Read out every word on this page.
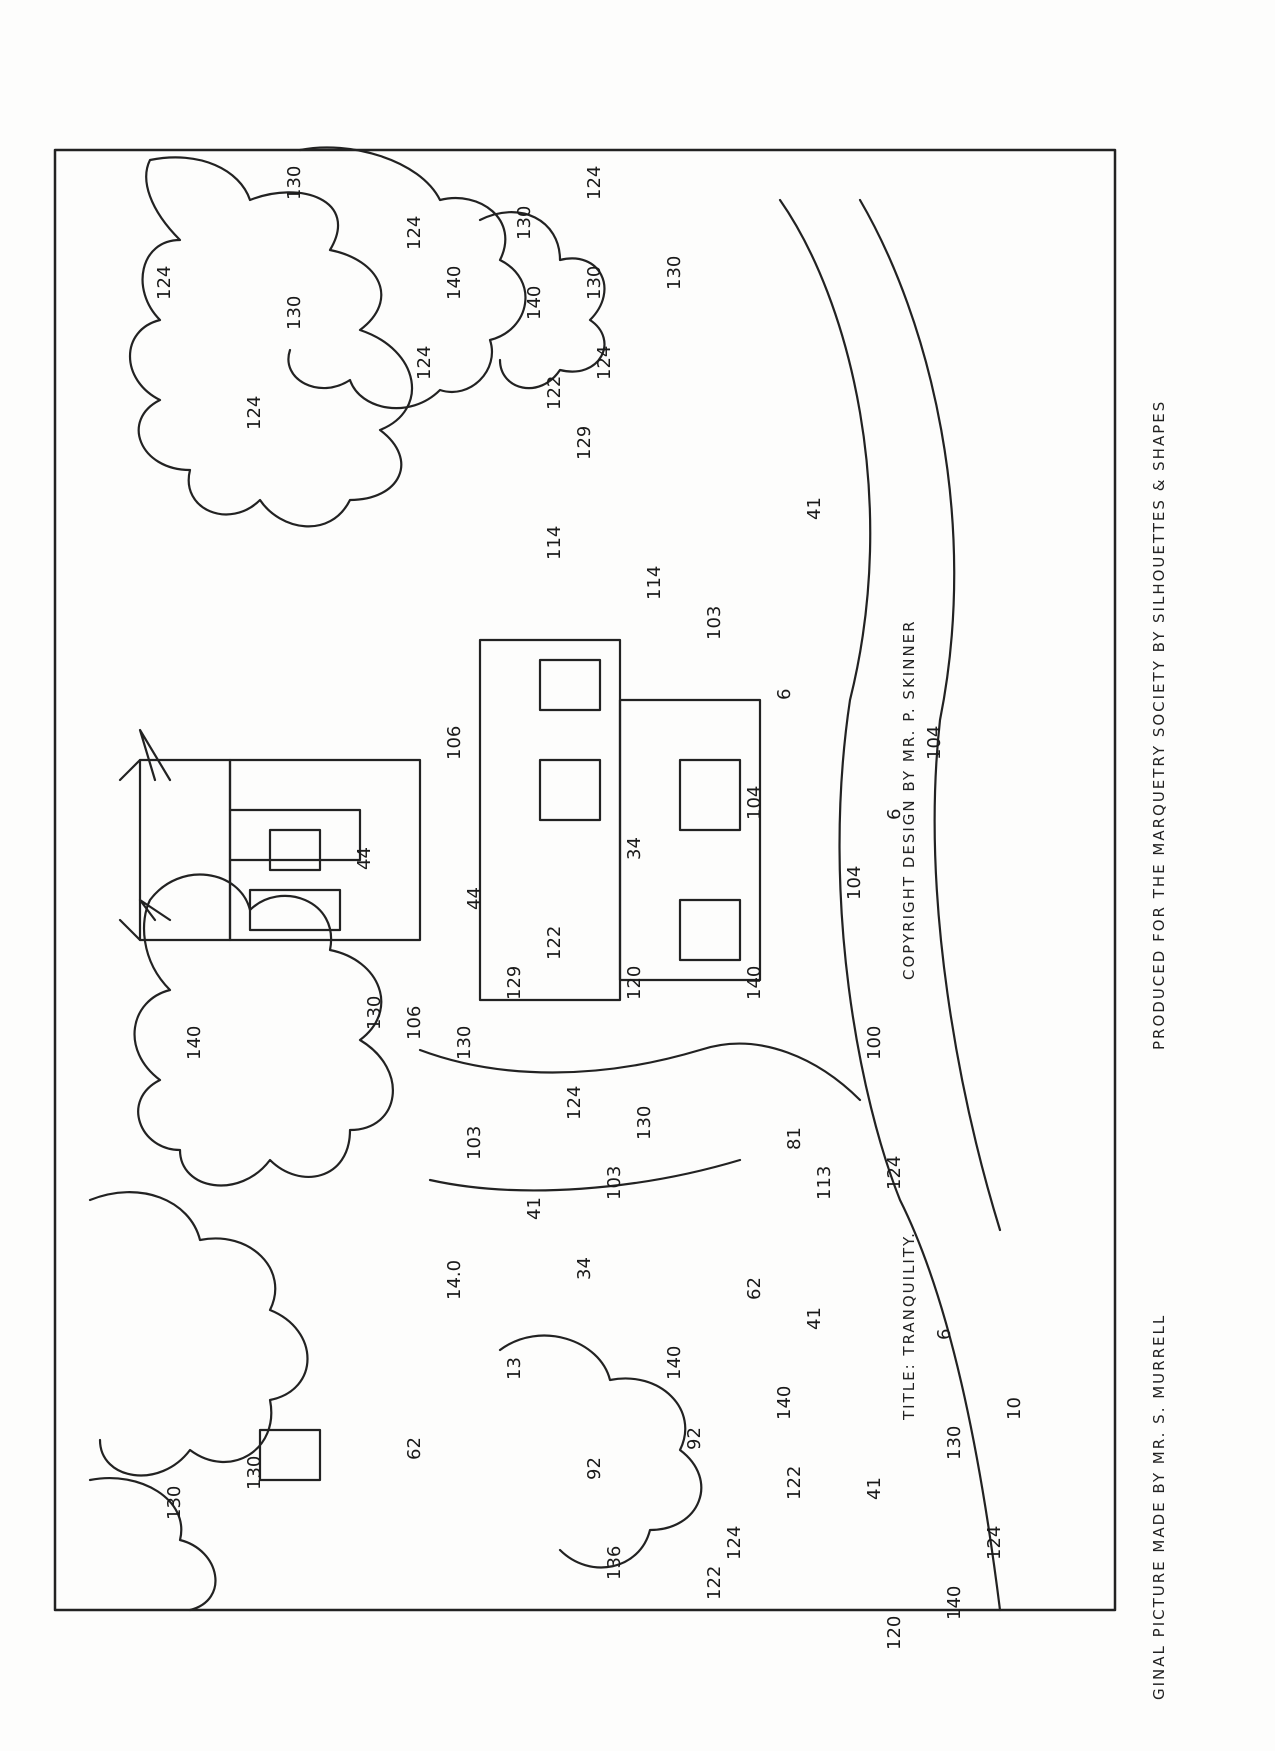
124
130
140
124
130
124	130
140
130
124
130
124
140
130
129
130
122
120	140
124
130
103
81
113
104
6
6
104
10
6
41
62
92
92
62
106
106
34
34
41
41
41
44
44
130
130
124
136
124
140
120
122
122
140
140
124
130
14.0
13
103
104
100
103
114
114
129
122
124
TITLE: TRANQUILITY.
COPYRIGHT DESIGN BY MR. P. SKINNER
GINAL PICTURE MADE BY MR. S. MURRELL
PRODUCED FOR THE MARQUETRY SOCIETY BY SILHOUETTES & SHAPES
